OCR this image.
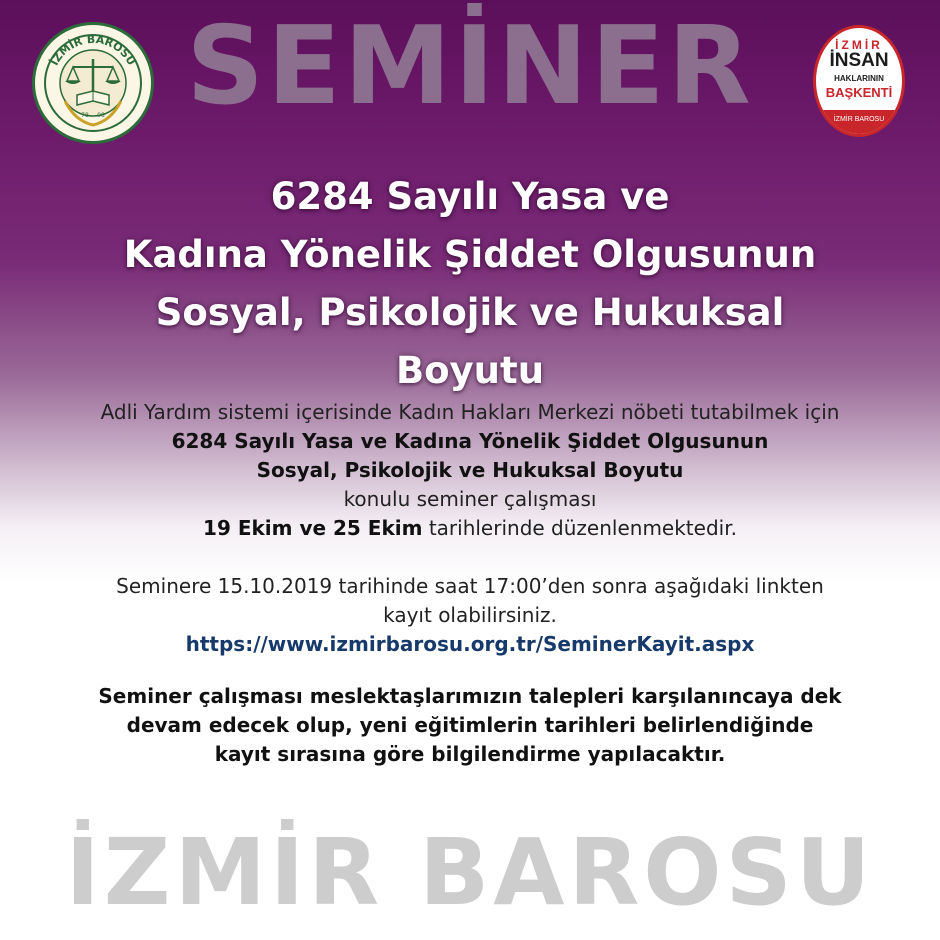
SEMİNER
İZMİR BAROSU
78 08
İZMİR
İNSAN
HAKLARININ
BAŞKENTİ
İZMİR BAROSU
6284 Sayılı Yasa ve
Kadına Yönelik Şiddet Olgusunun
Sosyal, Psikolojik ve Hukuksal
Boyutu
Adli Yardım sistemi içerisinde Kadın Hakları Merkezi nöbeti tutabilmek için
6284 Sayılı Yasa ve Kadına Yönelik Şiddet Olgusunun
Sosyal, Psikolojik ve Hukuksal Boyutu
konulu seminer çalışması
19 Ekim ve 25 Ekim tarihlerinde düzenlenmektedir.
Seminere 15.10.2019 tarihinde saat 17:00’den sonra aşağıdaki linkten
kayıt olabilirsiniz.
https://www.izmirbarosu.org.tr/SeminerKayit.aspx
Seminer çalışması meslektaşlarımızın talepleri karşılanıncaya dek
devam edecek olup, yeni eğitimlerin tarihleri belirlendiğinde
kayıt sırasına göre bilgilendirme yapılacaktır.
İZMİR BAROSU
